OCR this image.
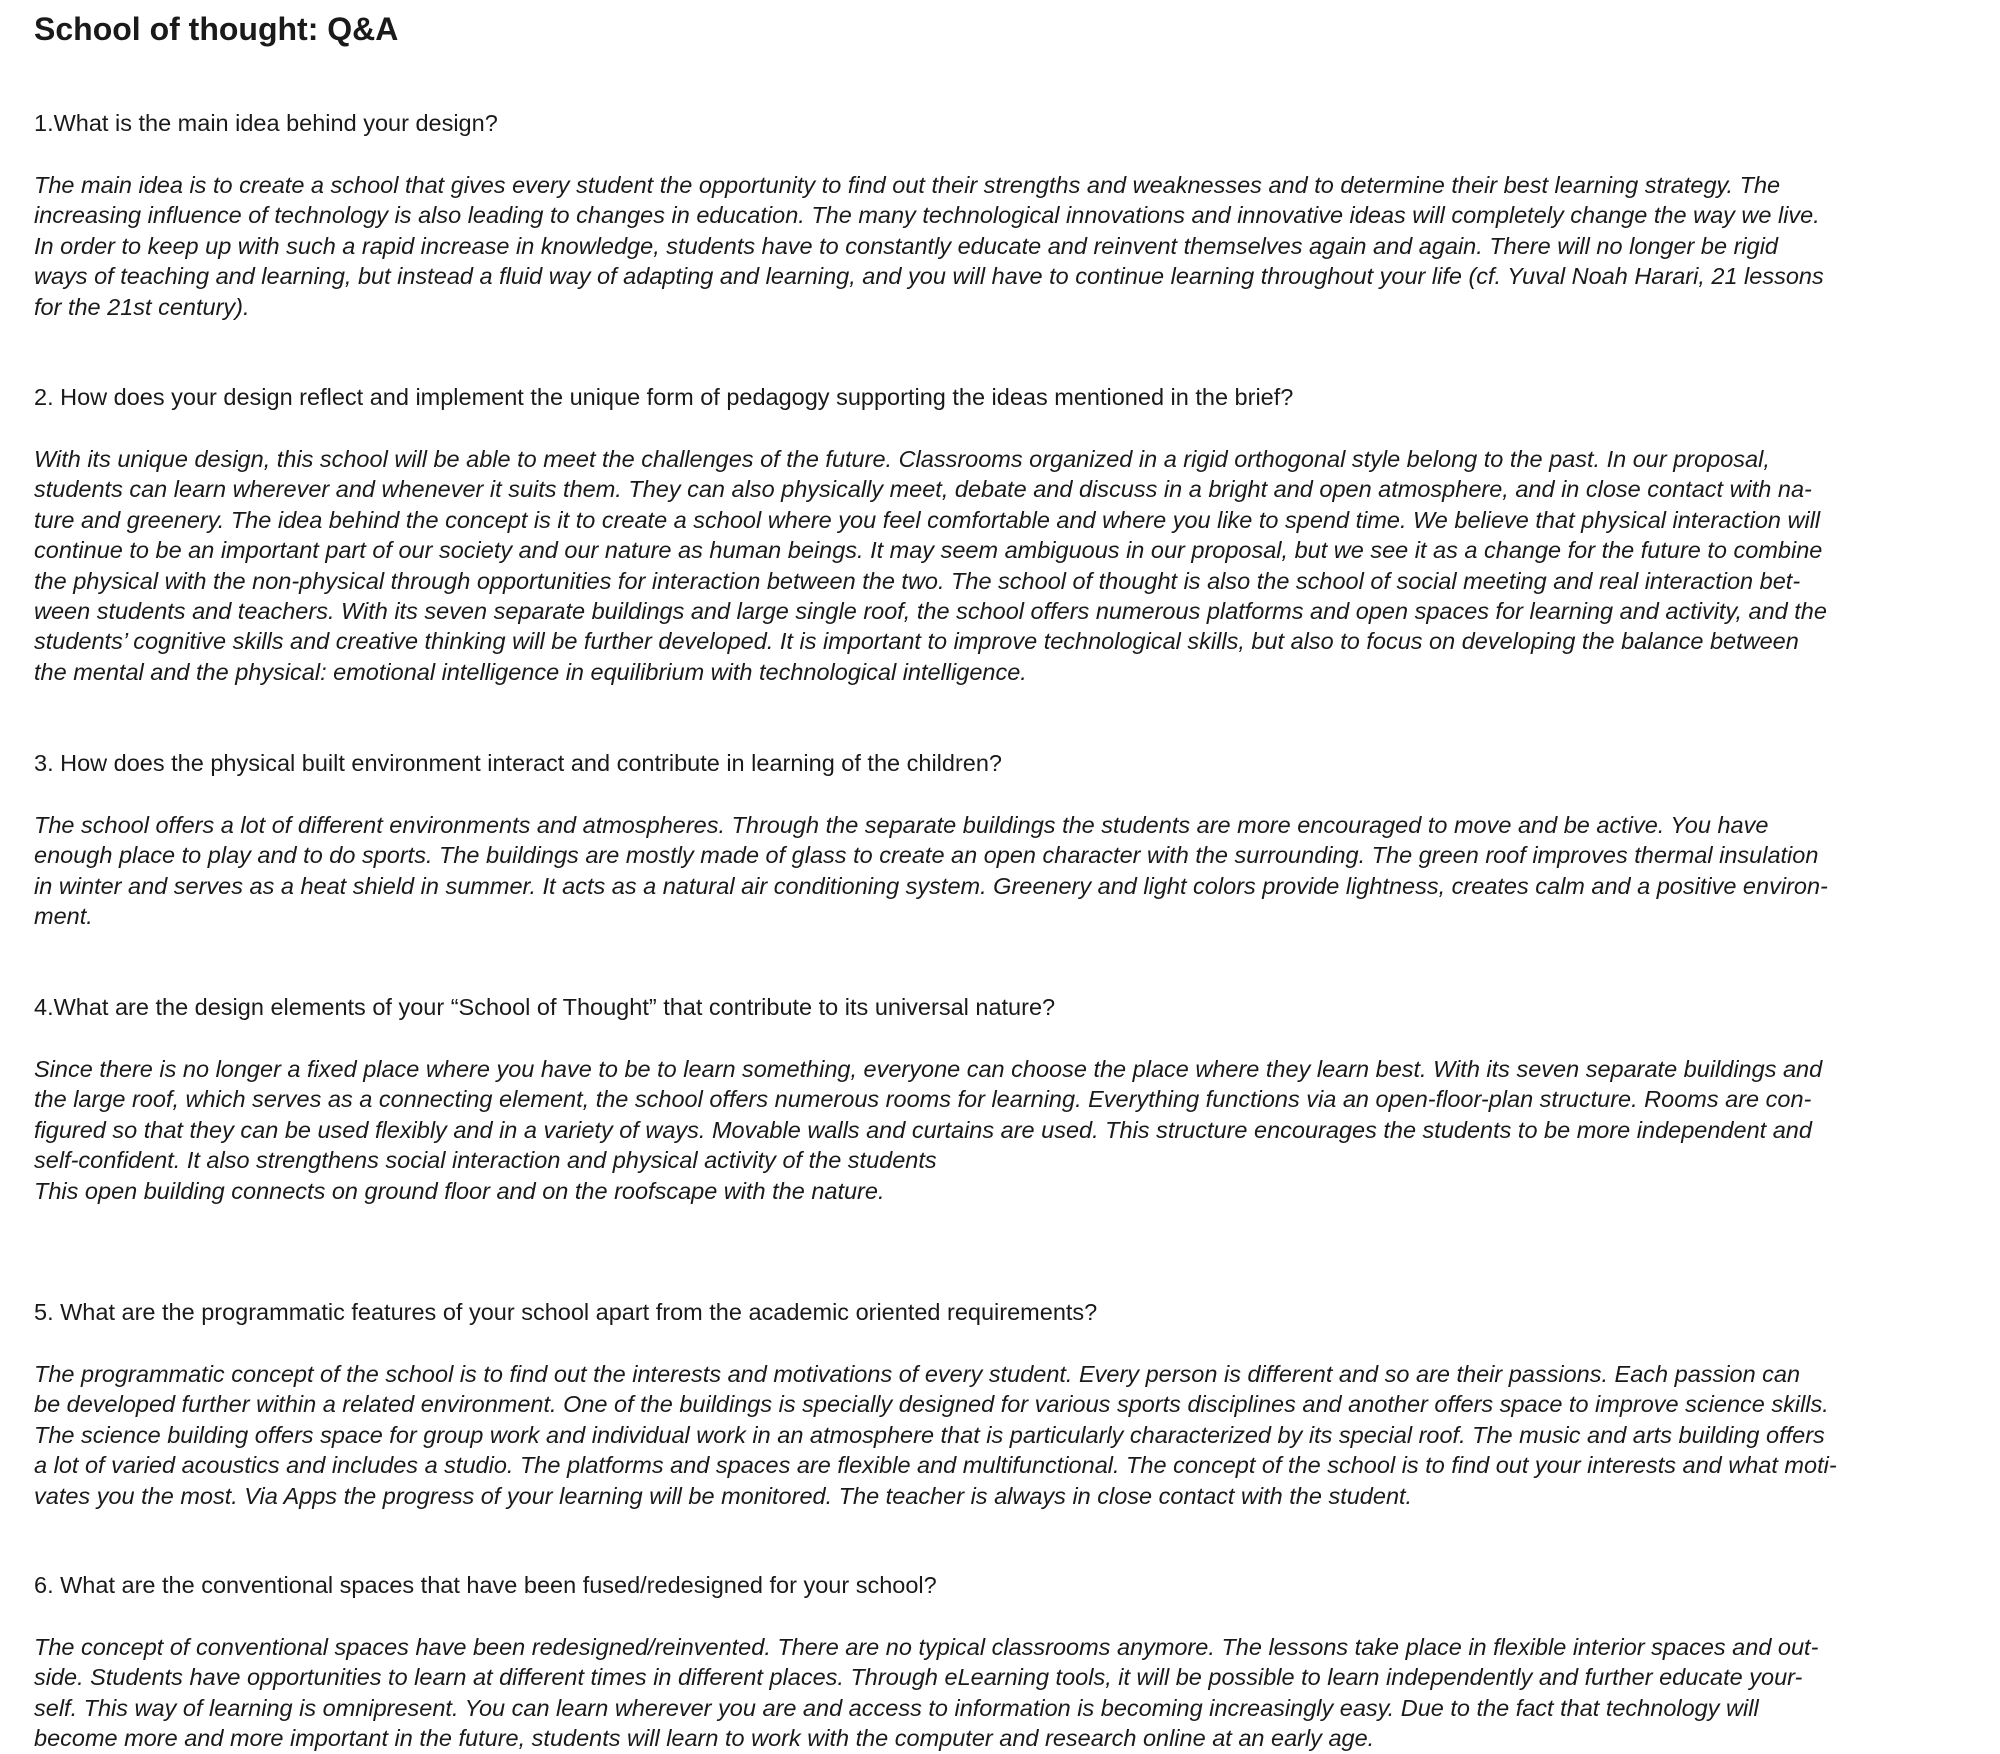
School of thought: Q&A
1.What is the main idea behind your design?
The main idea is to create a school that gives every student the opportunity to find out their strengths and weaknesses and to determine their best learning strategy. The
increasing influence of technology is also leading to changes in education. The many technological innovations and innovative ideas will completely change the way we live.
In order to keep up with such a rapid increase in knowledge, students have to constantly educate and reinvent themselves again and again. There will no longer be rigid
ways of teaching and learning, but instead a fluid way of adapting and learning, and you will have to continue learning throughout your life (cf. Yuval Noah Harari, 21 lessons
for the 21st century).
2. How does your design reflect and implement the unique form of pedagogy supporting the ideas mentioned in the brief?
With its unique design, this school will be able to meet the challenges of the future. Classrooms organized in a rigid orthogonal style belong to the past. In our proposal,
students can learn wherever and whenever it suits them. They can also physically meet, debate and discuss in a bright and open atmosphere, and in close contact with na-
ture and greenery. The idea behind the concept is it to create a school where you feel comfortable and where you like to spend time. We believe that physical interaction will
continue to be an important part of our society and our nature as human beings. It may seem ambiguous in our proposal, but we see it as a change for the future to combine
the physical with the non-physical through opportunities for interaction between the two. The school of thought is also the school of social meeting and real interaction bet-
ween students and teachers. With its seven separate buildings and large single roof, the school offers numerous platforms and open spaces for learning and activity, and the
students’ cognitive skills and creative thinking will be further developed. It is important to improve technological skills, but also to focus on developing the balance between
the mental and the physical: emotional intelligence in equilibrium with technological intelligence.
3. How does the physical built environment interact and contribute in learning of the children?
The school offers a lot of different environments and atmospheres. Through the separate buildings the students are more encouraged to move and be active. You have
enough place to play and to do sports. The buildings are mostly made of glass to create an open character with the surrounding. The green roof improves thermal insulation
in winter and serves as a heat shield in summer. It acts as a natural air conditioning system. Greenery and light colors provide lightness, creates calm and a positive environ-
ment.
4.What are the design elements of your “School of Thought” that contribute to its universal nature?
Since there is no longer a fixed place where you have to be to learn something, everyone can choose the place where they learn best. With its seven separate buildings and
the large roof, which serves as a connecting element, the school offers numerous rooms for learning. Everything functions via an open-floor-plan structure. Rooms are con-
figured so that they can be used flexibly and in a variety of ways. Movable walls and curtains are used. This structure encourages the students to be more independent and
self-confident. It also strengthens social interaction and physical activity of the students
This open building connects on ground floor and on the roofscape with the nature.
5. What are the programmatic features of your school apart from the academic oriented requirements?
The programmatic concept of the school is to find out the interests and motivations of every student. Every person is different and so are their passions. Each passion can
be developed further within a related environment. One of the buildings is specially designed for various sports disciplines and another offers space to improve science skills.
The science building offers space for group work and individual work in an atmosphere that is particularly characterized by its special roof. The music and arts building offers
a lot of varied acoustics and includes a studio. The platforms and spaces are flexible and multifunctional. The concept of the school is to find out your interests and what moti-
vates you the most. Via Apps the progress of your learning will be monitored. The teacher is always in close contact with the student.
6. What are the conventional spaces that have been fused/redesigned for your school?
The concept of conventional spaces have been redesigned/reinvented. There are no typical classrooms anymore. The lessons take place in flexible interior spaces and out-
side. Students have opportunities to learn at different times in different places. Through eLearning tools, it will be possible to learn independently and further educate your-
self. This way of learning is omnipresent. You can learn wherever you are and access to information is becoming increasingly easy. Due to the fact that technology will
become more and more important in the future, students will learn to work with the computer and research online at an early age.
